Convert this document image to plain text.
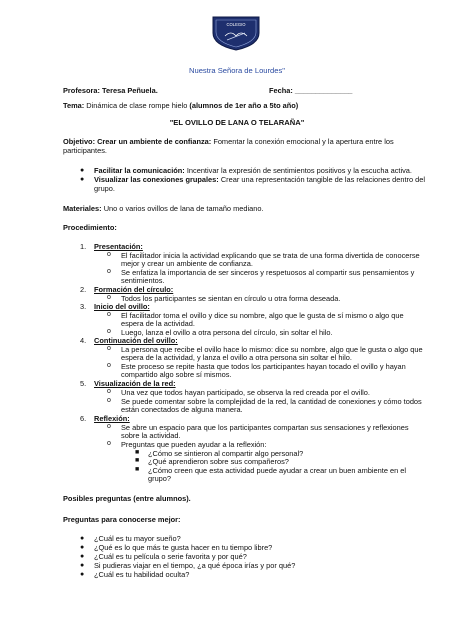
COLEGIO
Nuestra Señora de Lourdes"
Profesora: Teresa Peñuela.	Fecha: ______________
Tema: Dinámica de clase rompe hielo (alumnos de 1er año a 5to año)
"EL OVILLO DE LANA O TELARAÑA"
Objetivo: Crear un ambiente de confianza: Fomentar la conexión emocional y la apertura entre los
participantes.
● Facilitar la comunicación: Incentivar la expresión de sentimientos positivos y la escucha activa.
● Visualizar las conexiones grupales: Crear una representación tangible de las relaciones dentro del
grupo.
Materiales: Uno o varios ovillos de lana de tamaño mediano.
Procedimiento:
1. Presentación:
o El facilitador inicia la actividad explicando que se trata de una forma divertida de conocerse
mejor y crear un ambiente de confianza.
o Se enfatiza la importancia de ser sinceros y respetuosos al compartir sus pensamientos y
sentimientos.
2. Formación del círculo:
o Todos los participantes se sientan en círculo u otra forma deseada.
3. Inicio del ovillo:
o El facilitador toma el ovillo y dice su nombre, algo que le gusta de sí mismo o algo que
espera de la actividad.
o Luego, lanza el ovillo a otra persona del círculo, sin soltar el hilo.
4. Continuación del ovillo:
o La persona que recibe el ovillo hace lo mismo: dice su nombre, algo que le gusta o algo que
espera de la actividad, y lanza el ovillo a otra persona sin soltar el hilo.
o Este proceso se repite hasta que todos los participantes hayan tocado el ovillo y hayan
compartido algo sobre sí mismos.
5. Visualización de la red:
o Una vez que todos hayan participado, se observa la red creada por el ovillo.
o Se puede comentar sobre la complejidad de la red, la cantidad de conexiones y cómo todos
están conectados de alguna manera.
6. Reflexión:
o Se abre un espacio para que los participantes compartan sus sensaciones y reflexiones
sobre la actividad.
o Preguntas que pueden ayudar a la reflexión:
■ ¿Cómo se sintieron al compartir algo personal?
■ ¿Qué aprendieron sobre sus compañeros?
■ ¿Cómo creen que esta actividad puede ayudar a crear un buen ambiente en el
grupo?
Posibles preguntas (entre alumnos).
Preguntas para conocerse mejor:
● ¿Cuál es tu mayor sueño?
● ¿Qué es lo que más te gusta hacer en tu tiempo libre?
● ¿Cuál es tu película o serie favorita y por qué?
● Si pudieras viajar en el tiempo, ¿a qué época irías y por qué?
● ¿Cuál es tu habilidad oculta?
